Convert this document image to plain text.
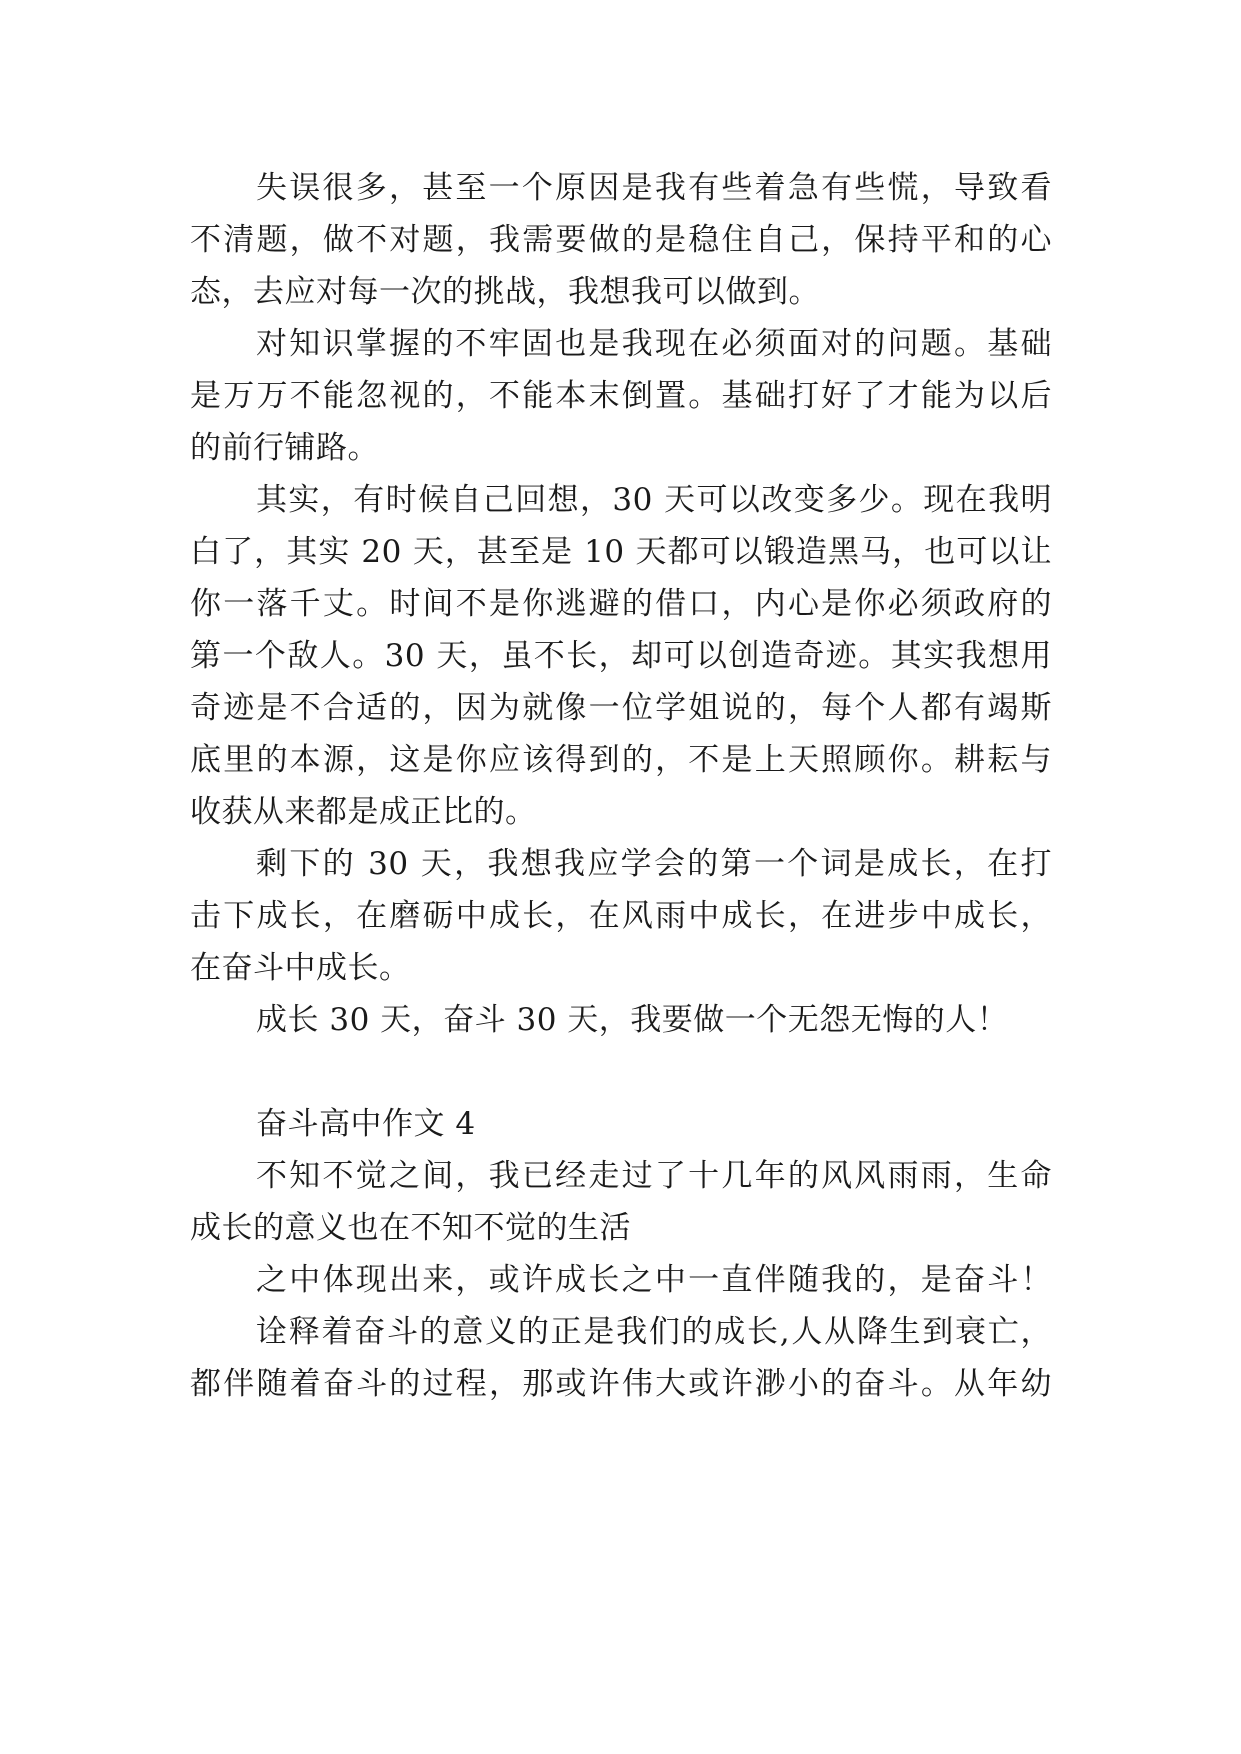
失误很多，甚至一个原因是我有些着急有些慌，导致看
不清题，做不对题，我需要做的是稳住自己，保持平和的心
态，去应对每一次的挑战，我想我可以做到。
对知识掌握的不牢固也是我现在必须面对的问题。基础
是万万不能忽视的，不能本末倒置。基础打好了才能为以后
的前行铺路。
其实，有时候自己回想，30 天可以改变多少。现在我明
白了，其实 20 天，甚至是 10 天都可以锻造黑马，也可以让
你一落千丈。时间不是你逃避的借口，内心是你必须政府的
第一个敌人。30 天，虽不长，却可以创造奇迹。其实我想用
奇迹是不合适的，因为就像一位学姐说的，每个人都有竭斯
底里的本源，这是你应该得到的，不是上天照顾你。耕耘与
收获从来都是成正比的。
剩下的 30 天，我想我应学会的第一个词是成长，在打
击下成长，在磨砺中成长，在风雨中成长，在进步中成长，
在奋斗中成长。
成长 30 天，奋斗 30 天，我要做一个无怨无悔的人！
奋斗高中作文 4
不知不觉之间，我已经走过了十几年的风风雨雨，生命
成长的意义也在不知不觉的生活
之中体现出来，或许成长之中一直伴随我的，是奋斗！
诠释着奋斗的意义的正是我们的成长,人从降生到衰亡，
都伴随着奋斗的过程，那或许伟大或许渺小的奋斗。从年幼
